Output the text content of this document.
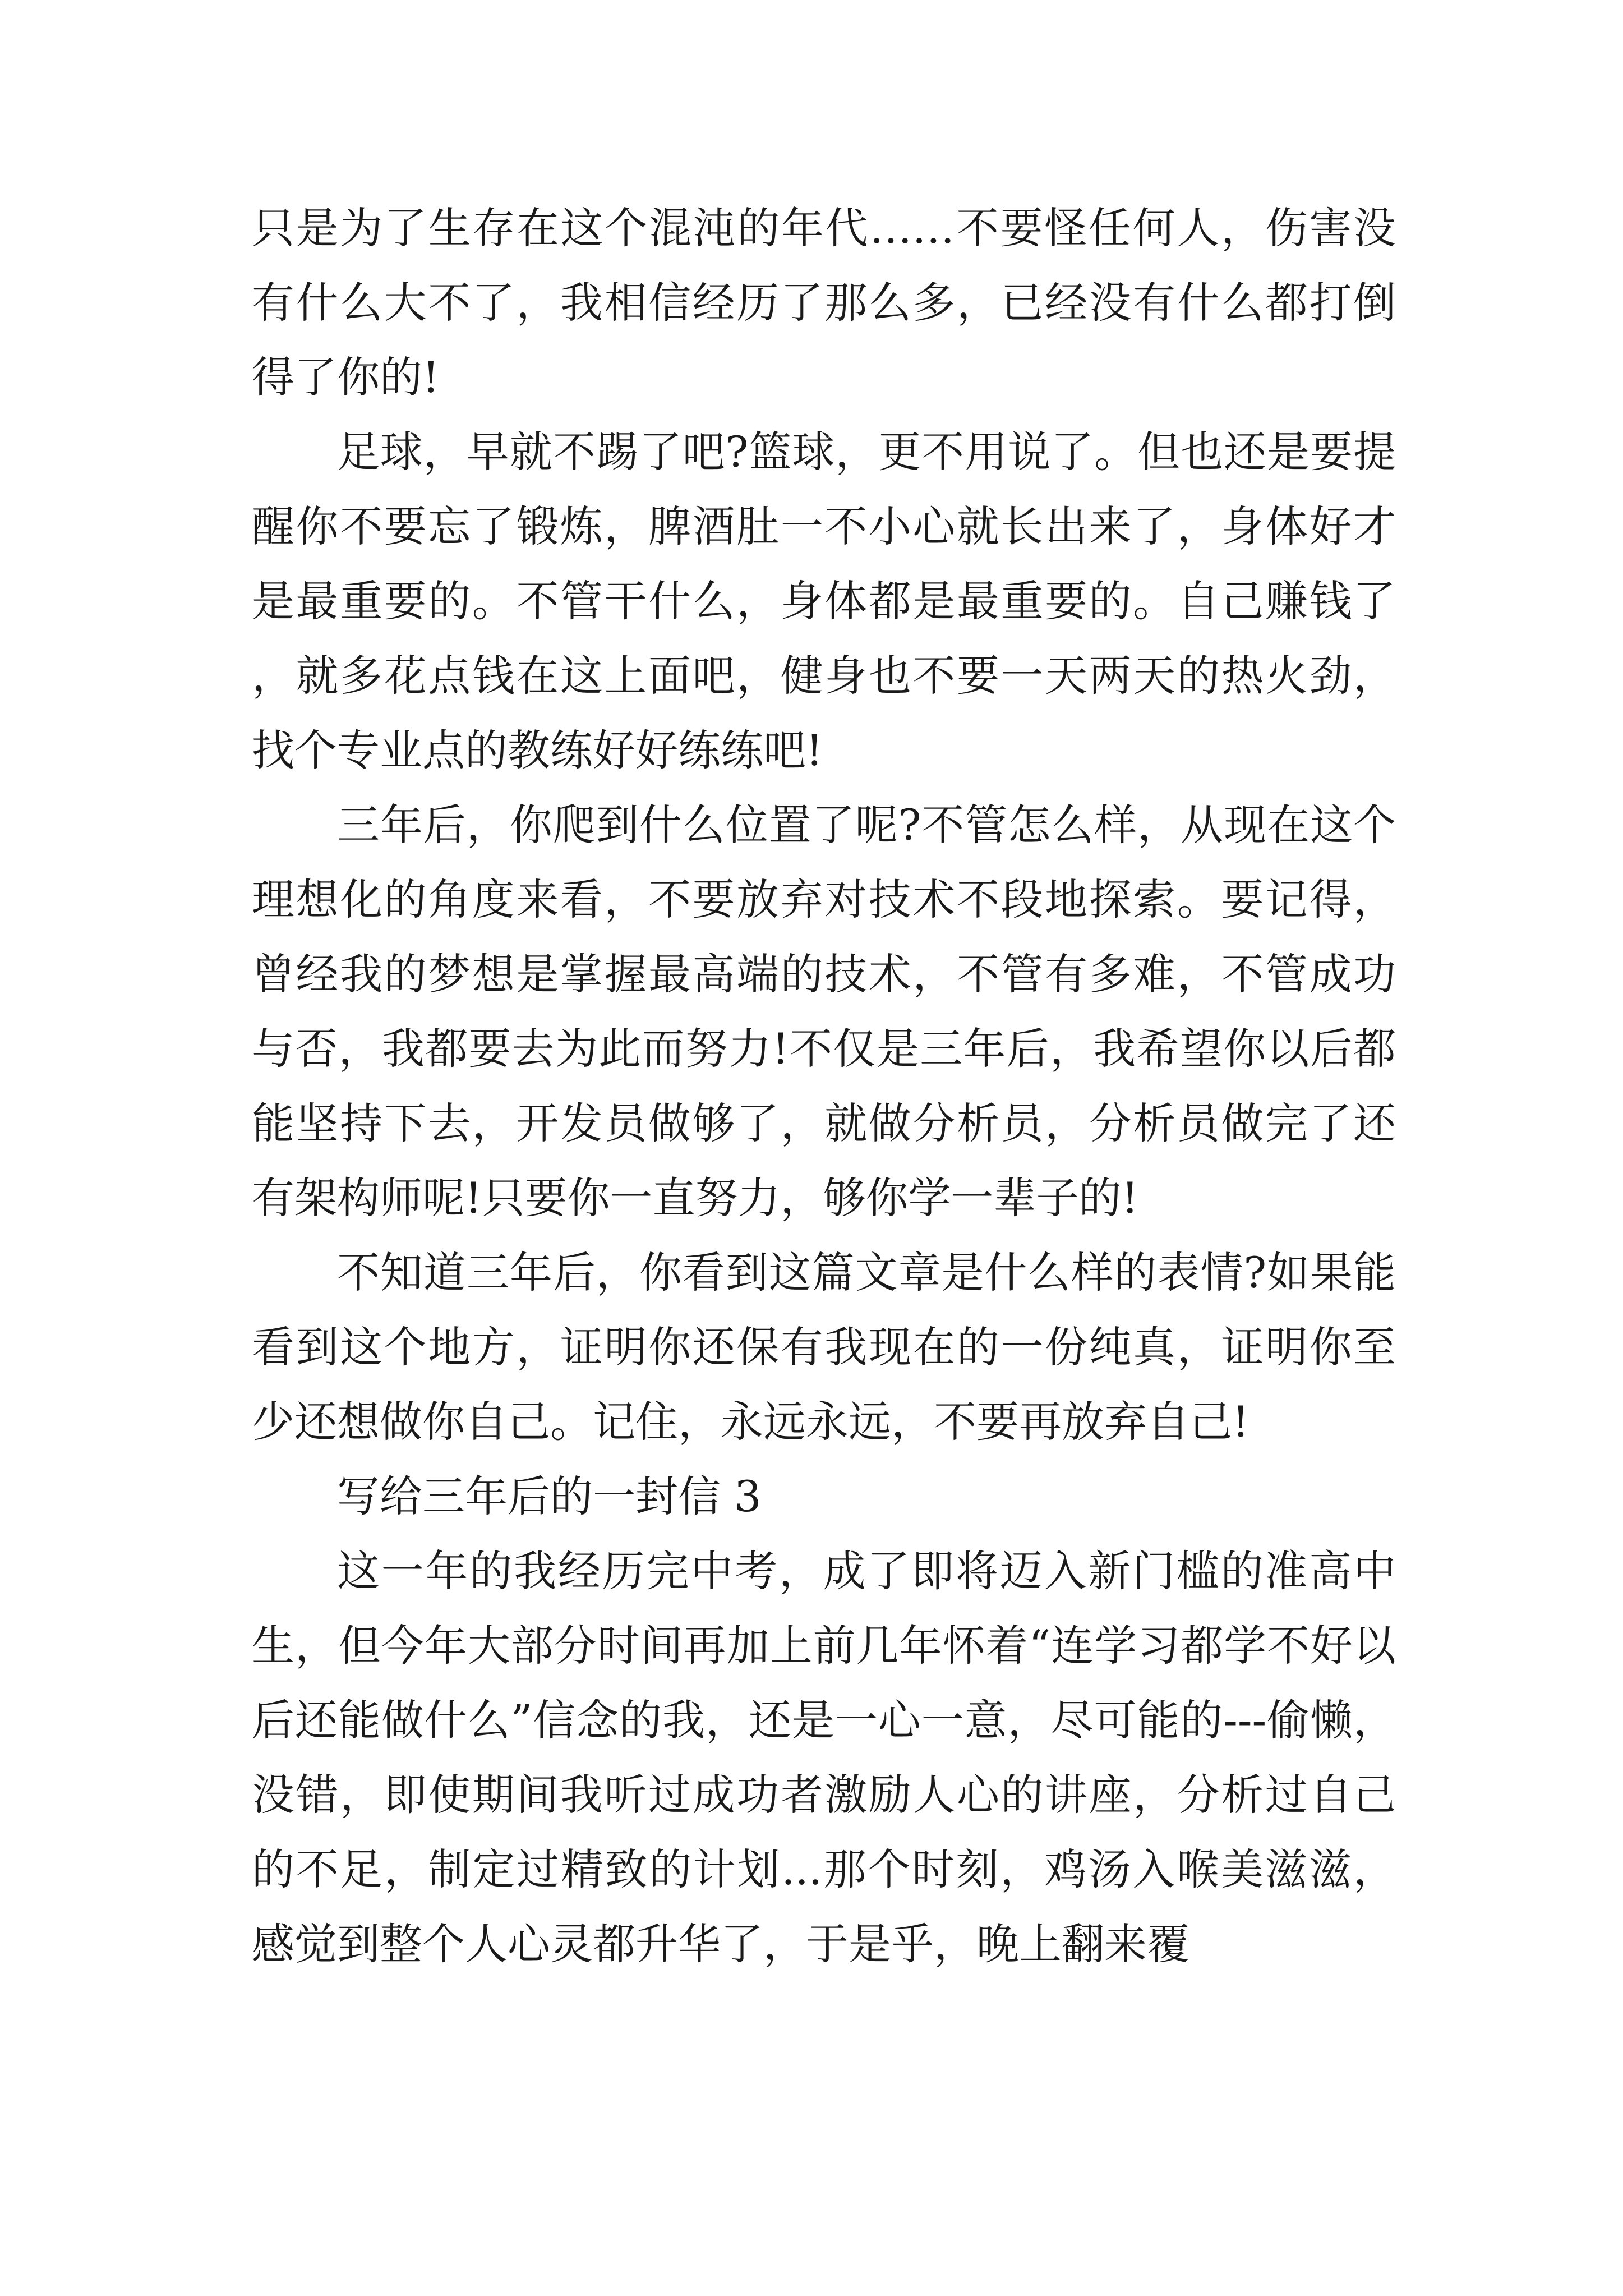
只是为了生存在这个混沌的年代……不要怪任何人，伤害没有什么大不了，我相信经历了那么多，已经没有什么都打倒得了你的!

足球，早就不踢了吧?篮球，更不用说了。但也还是要提醒你不要忘了锻炼，脾酒肚一不小心就长出来了，身体好才是最重要的。不管干什么，身体都是最重要的。自己赚钱了，就多花点钱在这上面吧，健身也不要一天两天的热火劲，找个专业点的教练好好练练吧!

三年后，你爬到什么位置了呢?不管怎么样，从现在这个理想化的角度来看，不要放弃对技术不段地探索。要记得，曾经我的梦想是掌握最高端的技术，不管有多难，不管成功与否，我都要去为此而努力!不仅是三年后，我希望你以后都能坚持下去，开发员做够了，就做分析员，分析员做完了还有架构师呢!只要你一直努力，够你学一辈子的!

不知道三年后，你看到这篇文章是什么样的表情?如果能看到这个地方，证明你还保有我现在的一份纯真，证明你至少还想做你自己。记住，永远永远，不要再放弃自己!

写给三年后的一封信 3

这一年的我经历完中考，成了即将迈入新门槛的准高中生，但今年大部分时间再加上前几年怀着“连学习都学不好以后还能做什么”信念的我，还是一心一意，尽可能的---偷懒，没错，即使期间我听过成功者激励人心的讲座，分析过自己的不足，制定过精致的计划...那个时刻，鸡汤入喉美滋滋，感觉到整个人心灵都升华了，于是乎，晚上翻来覆
